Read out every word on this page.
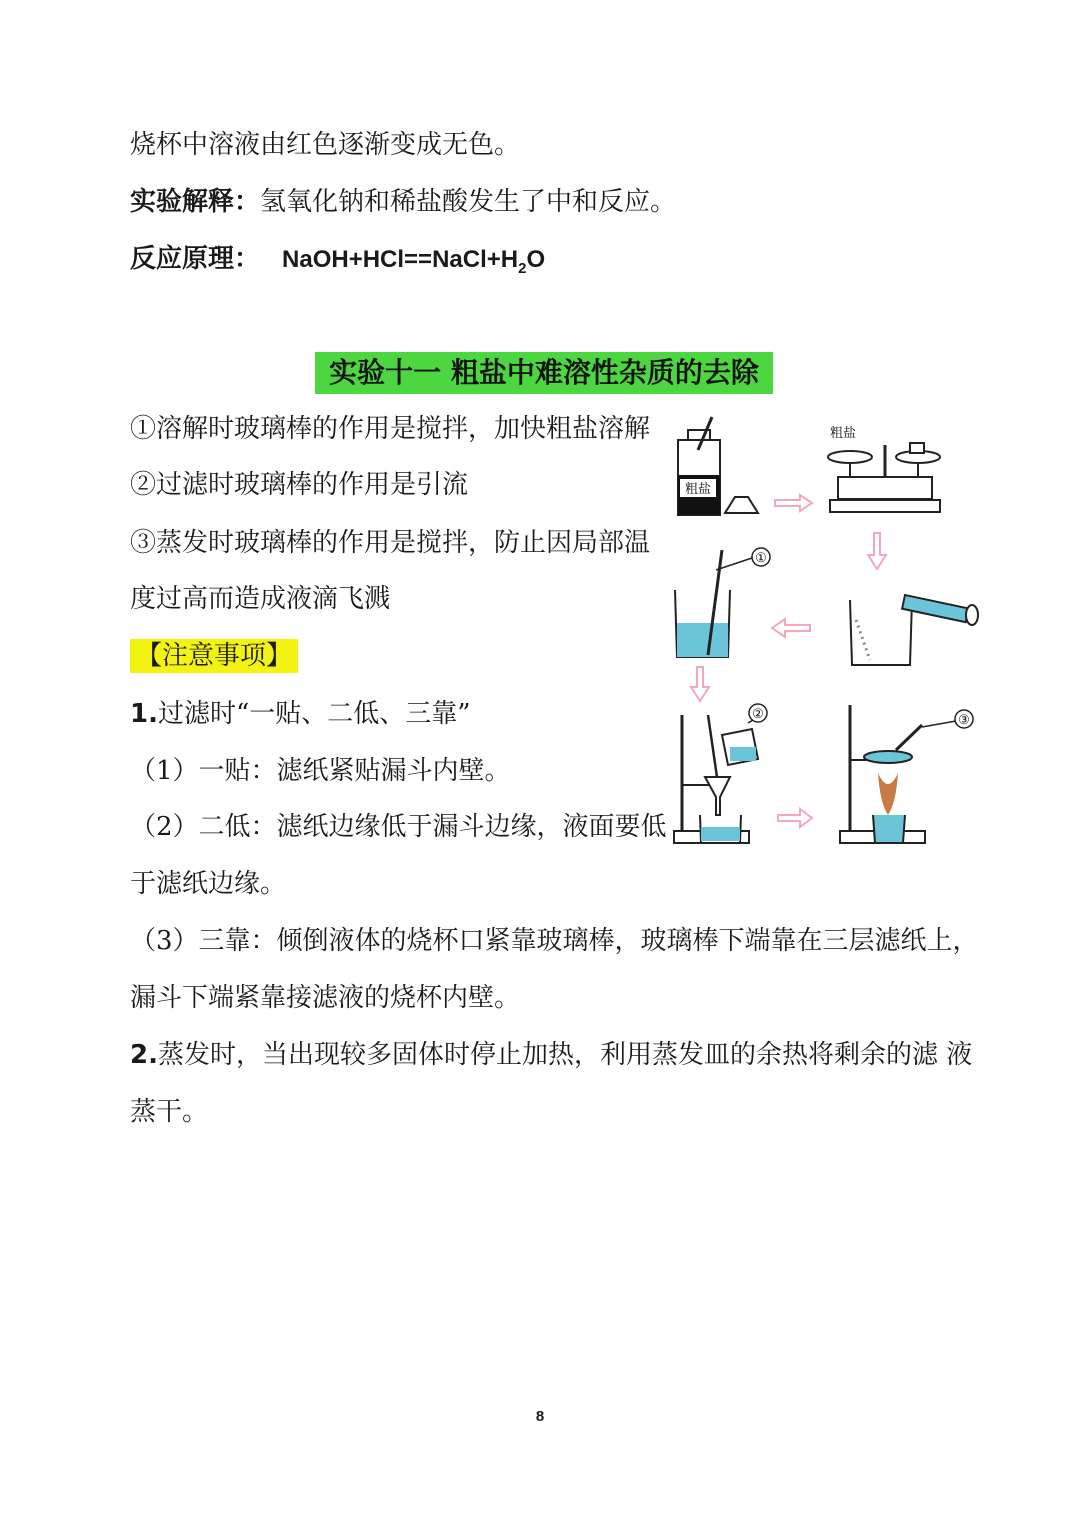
烧杯中溶液由红色逐渐变成无色。
实验解释：氢氧化钠和稀盐酸发生了中和反应。
反应原理： $NaOH+HCl==NaCl+H_2O$
实验十一 粗盐中难溶性杂质的去除
①溶解时玻璃棒的作用是搅拌，加快粗盐溶解
②过滤时玻璃棒的作用是引流
③蒸发时玻璃棒的作用是搅拌，防止因局部温
度过高而造成液滴飞溅
【注意事项】
1.过滤时“一贴、二低、三靠”
（1）一贴：滤纸紧贴漏斗内壁。
（2）二低：滤纸边缘低于漏斗边缘，液面要低
于滤纸边缘。
（3）三靠：倾倒液体的烧杯口紧靠玻璃棒，玻璃棒下端靠在三层滤纸上，
漏斗下端紧靠接滤液的烧杯内壁。
2.蒸发时，当出现较多固体时停止加热，利用蒸发皿的余热将剩余的滤 液
蒸干。
粗盐
粗盐
①
②	③
8
